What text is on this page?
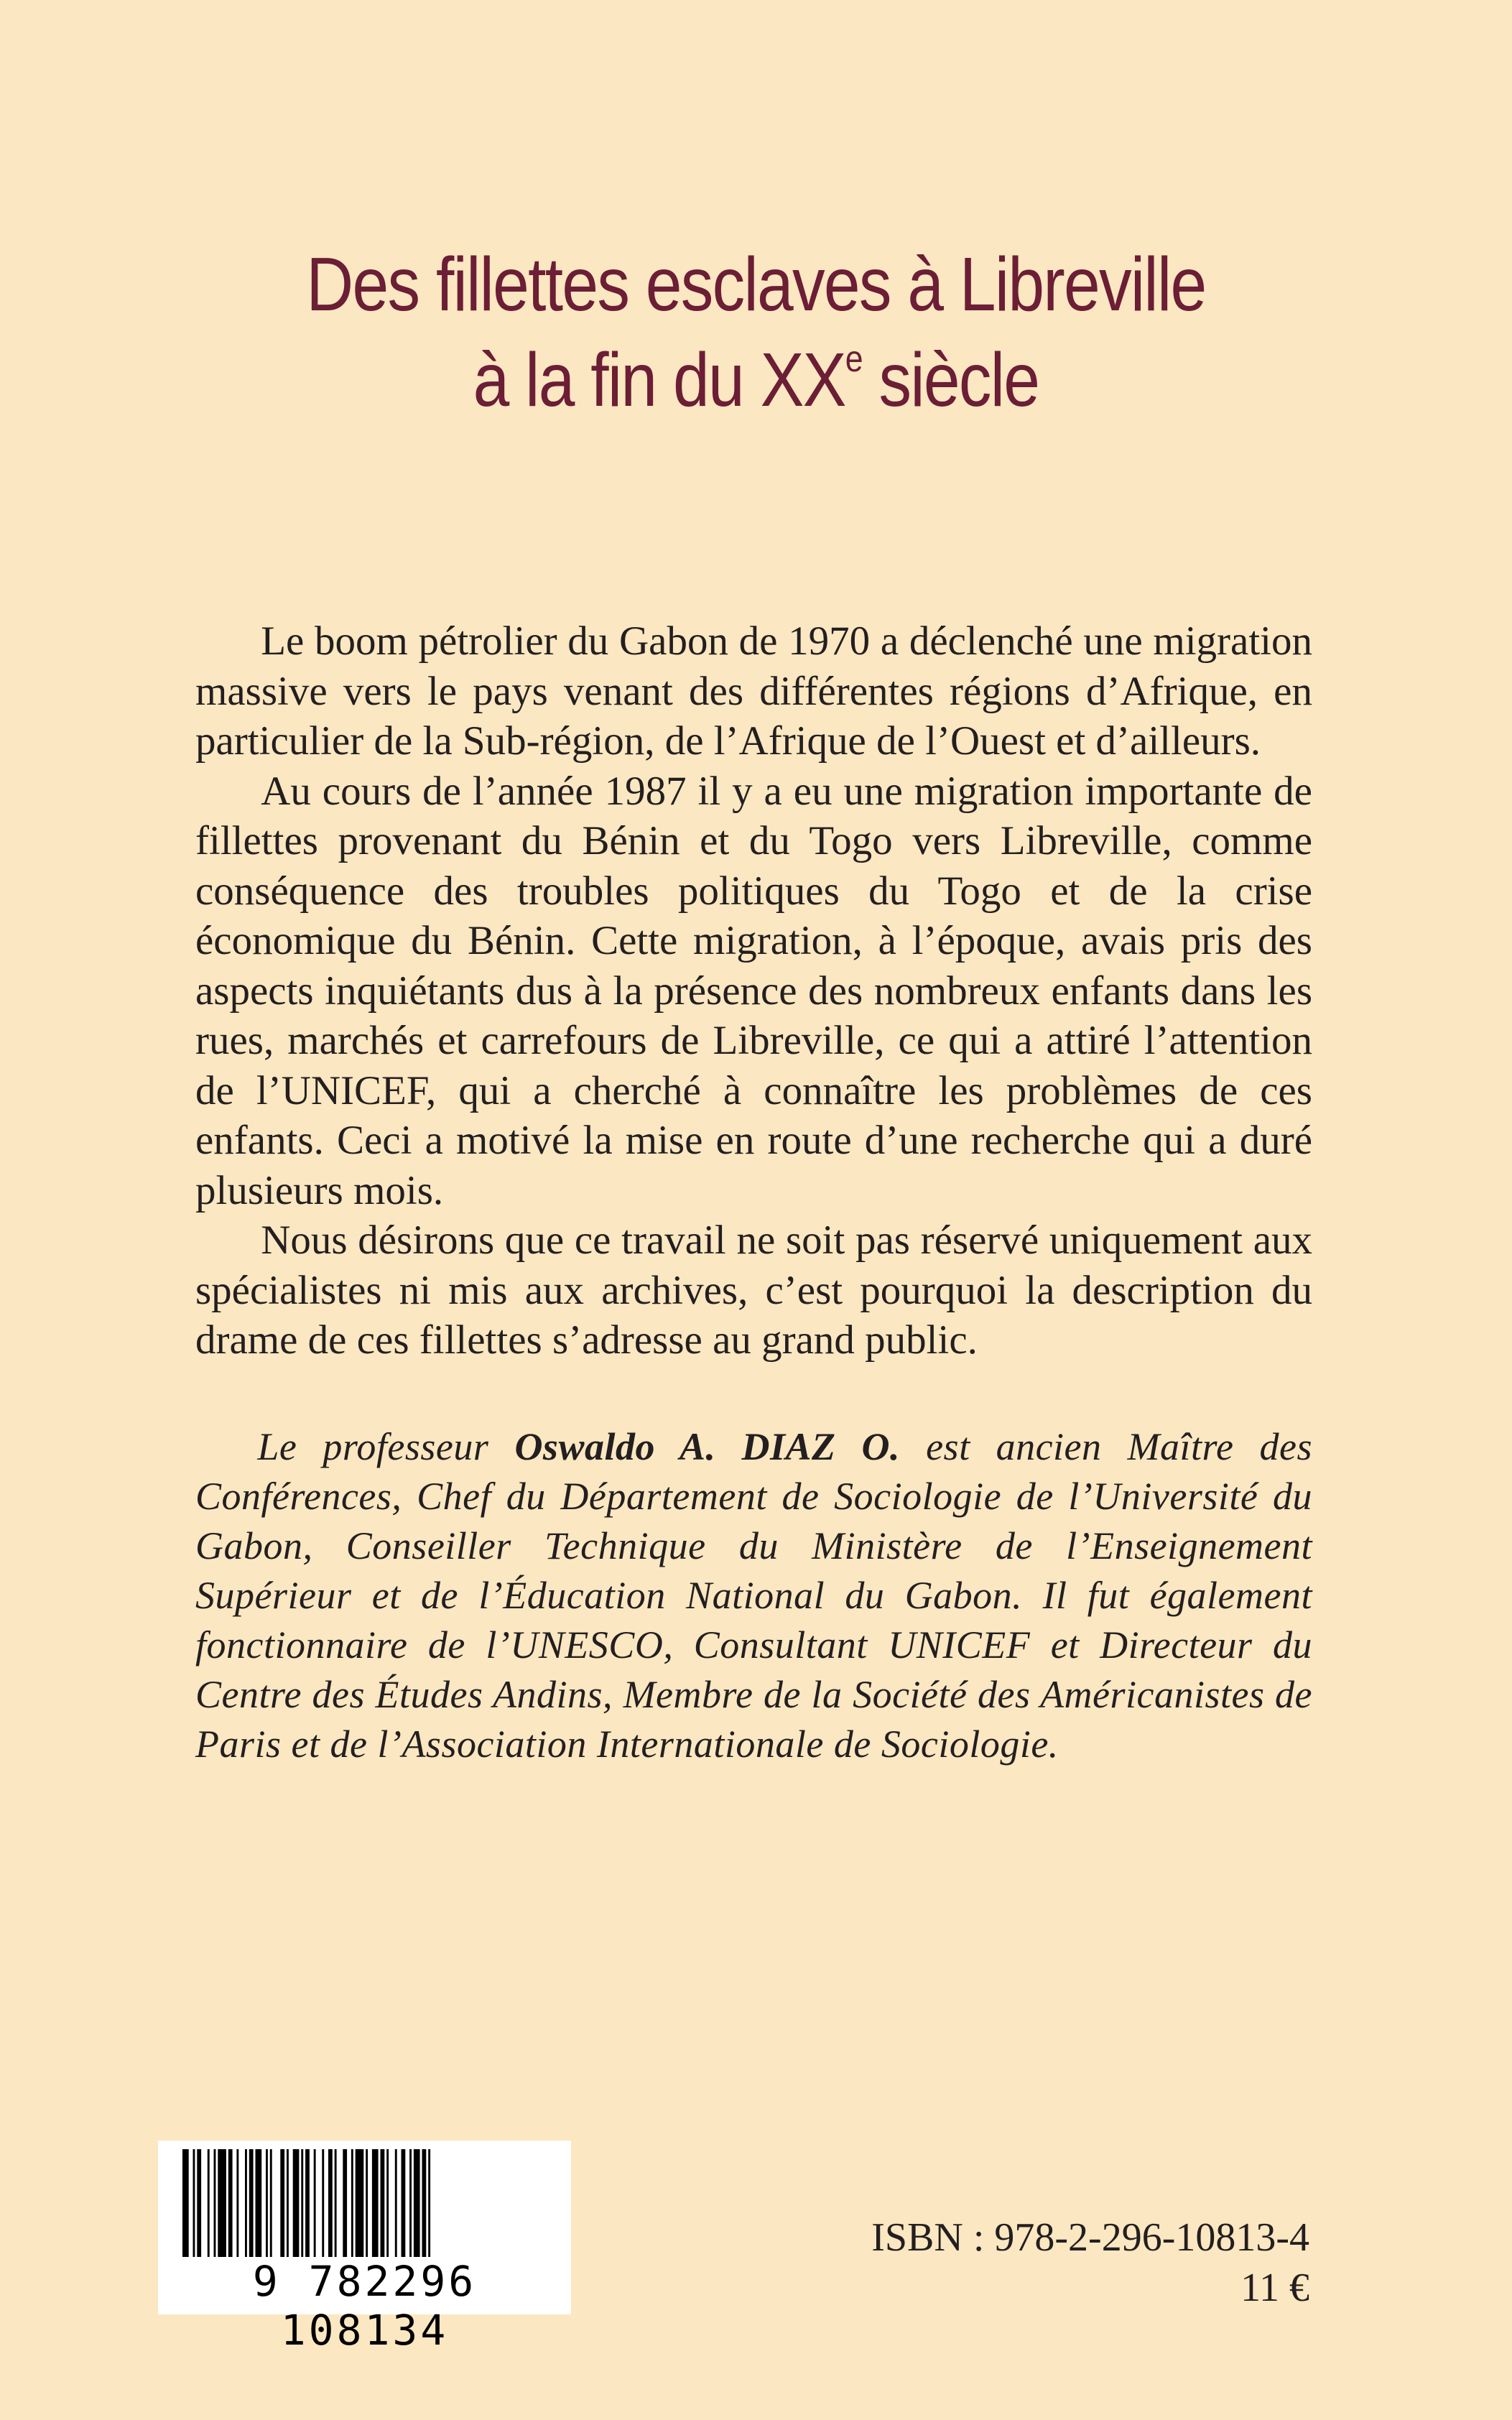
Des fillettes esclaves à Libreville
à la fin du XXe siècle

Le boom pétrolier du Gabon de 1970 a déclenché une migration massive vers le pays venant des différentes régions d’Afrique, en particulier de la Sub-région, de l’Afrique de l’Ouest et d’ailleurs.

Au cours de l’année 1987 il y a eu une migration importante de fillettes provenant du Bénin et du Togo vers Libreville, comme conséquence des troubles politiques du Togo et de la crise économique du Bénin. Cette migration, à l’époque, avais pris des aspects inquiétants dus à la présence des nombreux enfants dans les rues, marchés et carrefours de Libreville, ce qui a attiré l’attention de l’UNICEF, qui a cherché à connaître les problèmes de ces enfants. Ceci a motivé la mise en route d’une recherche qui a duré plusieurs mois.

Nous désirons que ce travail ne soit pas réservé uniquement aux spécialistes ni mis aux archives, c’est pourquoi la description du drame de ces fillettes s’adresse au grand public.

Le professeur Oswaldo A. DIAZ O. est ancien Maître des Conférences, Chef du Département de Sociologie de l’Université du Gabon, Conseiller Technique du Ministère de l’Enseignement Supérieur et de l’Éducation National du Gabon. Il fut également fonctionnaire de l’UNESCO, Consultant UNICEF et Directeur du Centre des Études Andins, Membre de la Société des Américanistes de Paris et de l’Association Internationale de Sociologie.

9 782296 108134
ISBN : 978-2-296-10813-4
11 €
